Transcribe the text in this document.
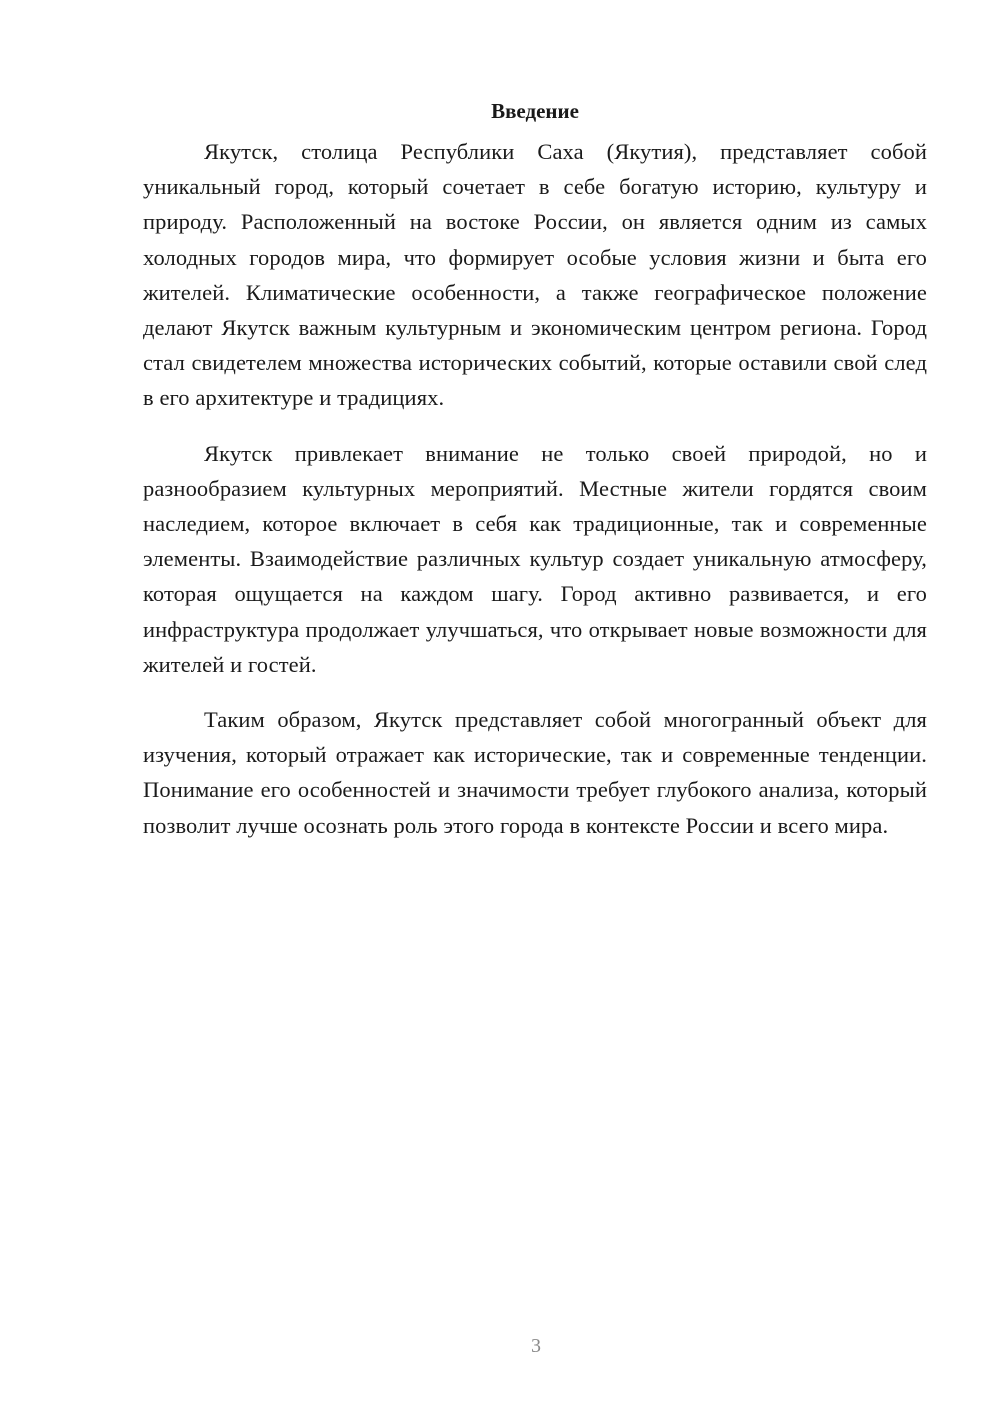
Введение

Якутск, столица Республики Саха (Якутия), представляет собой уникальный город, который сочетает в себе богатую историю, культуру и природу. Расположенный на востоке России, он является одним из самых холодных городов мира, что формирует особые условия жизни и быта его жителей. Климатические особенности, а также географическое положение делают Якутск важным культурным и экономическим центром региона. Город стал свидетелем множества исторических событий, которые оставили свой след в его архитектуре и традициях.

Якутск привлекает внимание не только своей природой, но и разнообразием культурных мероприятий. Местные жители гордятся своим наследием, которое включает в себя как традиционные, так и современные элементы. Взаимодействие различных культур создает уникальную атмосферу, которая ощущается на каждом шагу. Город активно развивается, и его инфраструктура продолжает улучшаться, что открывает новые возможности для жителей и гостей.

Таким образом, Якутск представляет собой многогранный объект для изучения, который отражает как исторические, так и современные тенденции. Понимание его особенностей и значимости требует глубокого анализа, который позволит лучше осознать роль этого города в контексте России и всего мира.

3
